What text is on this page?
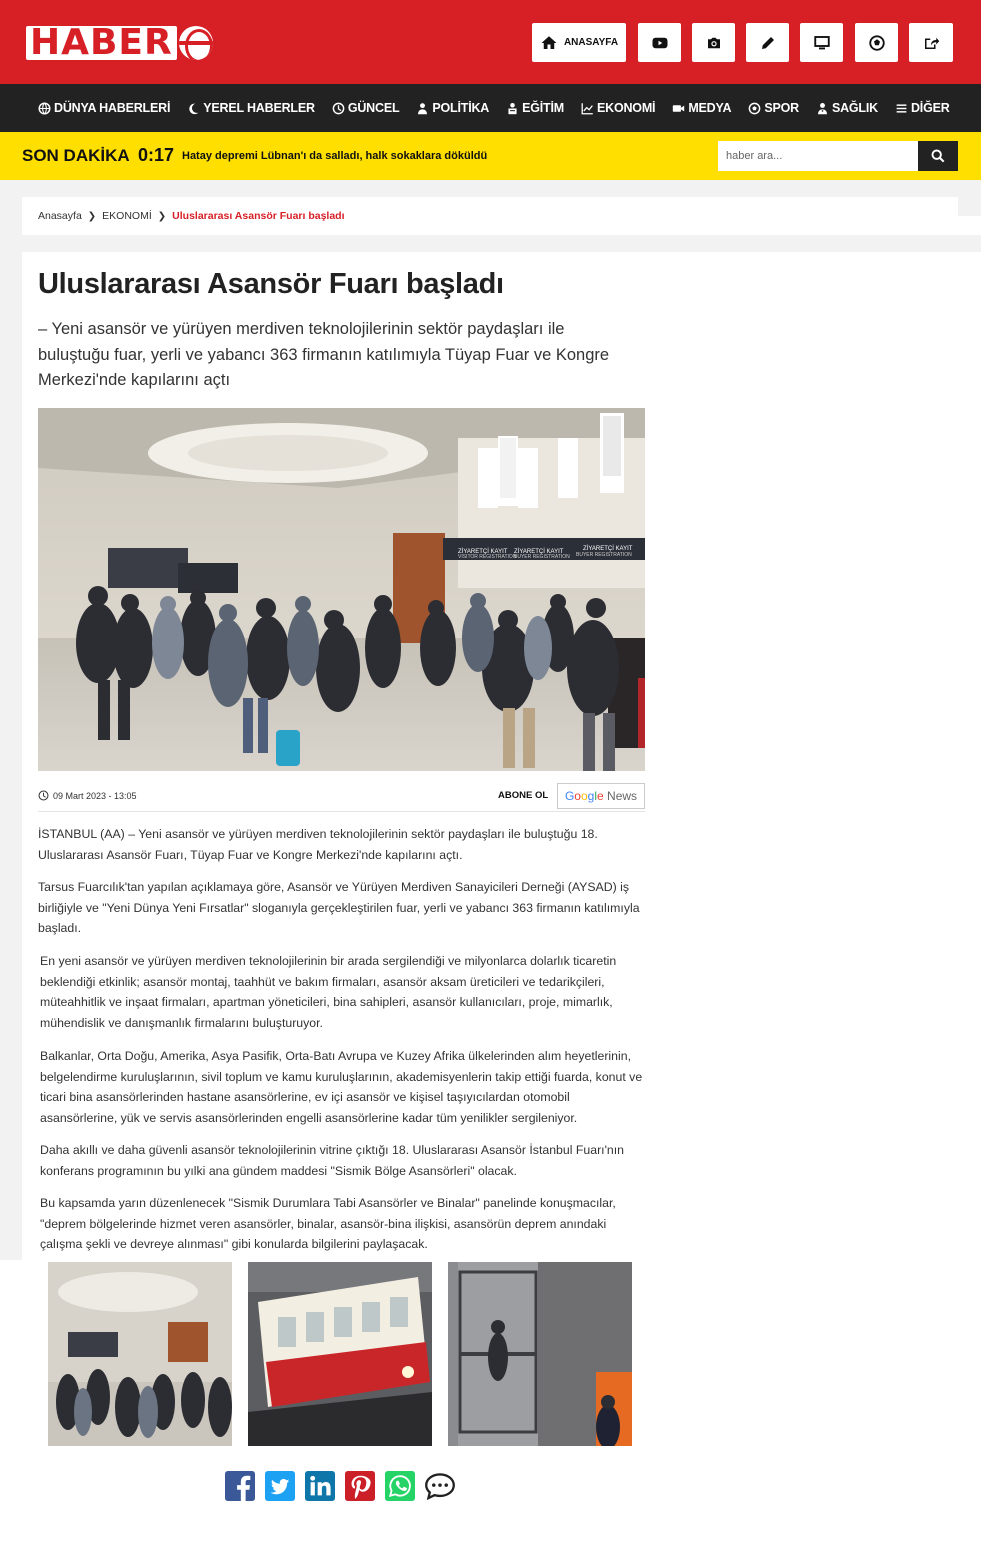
HABER	ANASAYFA
DÜNYA HABERLERİ	YEREL HABERLER	GÜNCEL	POLİTİKA	EĞİTİM	EKONOMİ	MEDYA	SPOR	SAĞLIK	DİĞER
SON DAKİKA 0:17 Hatay depremi Lübnan'ı da salladı, halk sokaklara döküldü
haber ara...
Anasayfa ❯ EKONOMİ ❯ Uluslararası Asansör Fuarı başladı
Uluslararası Asansör Fuarı başladı

– Yeni asansör ve yürüyen merdiven teknolojilerinin sektör paydaşları ile buluştuğu fuar, yerli ve yabancı 363 firmanın katılımıyla Tüyap Fuar ve Kongre Merkezi'nde kapılarını açtı

ZİYARETÇİ KAYIT ZİYARETÇİ KAYIT	ZİYARETÇİ KAYIT
VISITOR REGISTRATION
BUYER REGISTRATION BUYER REGISTRATION
09 Mart 2023 - 13:05	ABONE OL Google News

İSTANBUL (AA) – Yeni asansör ve yürüyen merdiven teknolojilerinin sektör paydaşları ile buluştuğu 18. Uluslararası Asansör Fuarı, Tüyap Fuar ve Kongre Merkezi'nde kapılarını açtı.

Tarsus Fuarcılık'tan yapılan açıklamaya göre, Asansör ve Yürüyen Merdiven Sanayicileri Derneği (AYSAD) iş birliğiyle ve "Yeni Dünya Yeni Fırsatlar" sloganıyla gerçekleştirilen fuar, yerli ve yabancı 363 firmanın katılımıyla başladı.

En yeni asansör ve yürüyen merdiven teknolojilerinin bir arada sergilendiği ve milyonlarca dolarlık ticaretin beklendiği etkinlik; asansör montaj, taahhüt ve bakım firmaları, asansör aksam üreticileri ve tedarikçileri, müteahhitlik ve inşaat firmaları, apartman yöneticileri, bina sahipleri, asansör kullanıcıları, proje, mimarlık, mühendislik ve danışmanlık firmalarını buluşturuyor.

Balkanlar, Orta Doğu, Amerika, Asya Pasifik, Orta-Batı Avrupa ve Kuzey Afrika ülkelerinden alım heyetlerinin, belgelendirme kuruluşlarının, sivil toplum ve kamu kuruluşlarının, akademisyenlerin takip ettiği fuarda, konut ve ticari bina asansörlerinden hastane asansörlerine, ev içi asansör ve kişisel taşıyıcılardan otomobil asansörlerine, yük ve servis asansörlerinden engelli asansörlerine kadar tüm yenilikler sergileniyor.

Daha akıllı ve daha güvenli asansör teknolojilerinin vitrine çıktığı 18. Uluslararası Asansör İstanbul Fuarı'nın konferans programının bu yılki ana gündem maddesi "Sismik Bölge Asansörleri" olacak.

Bu kapsamda yarın düzenlenecek "Sismik Durumlara Tabi Asansörler ve Binalar" panelinde konuşmacılar, "deprem bölgelerinde hizmet veren asansörler, binalar, asansör-bina ilişkisi, asansörün deprem anındaki çalışma şekli ve devreye alınması" gibi konularda bilgilerini paylaşacak.
